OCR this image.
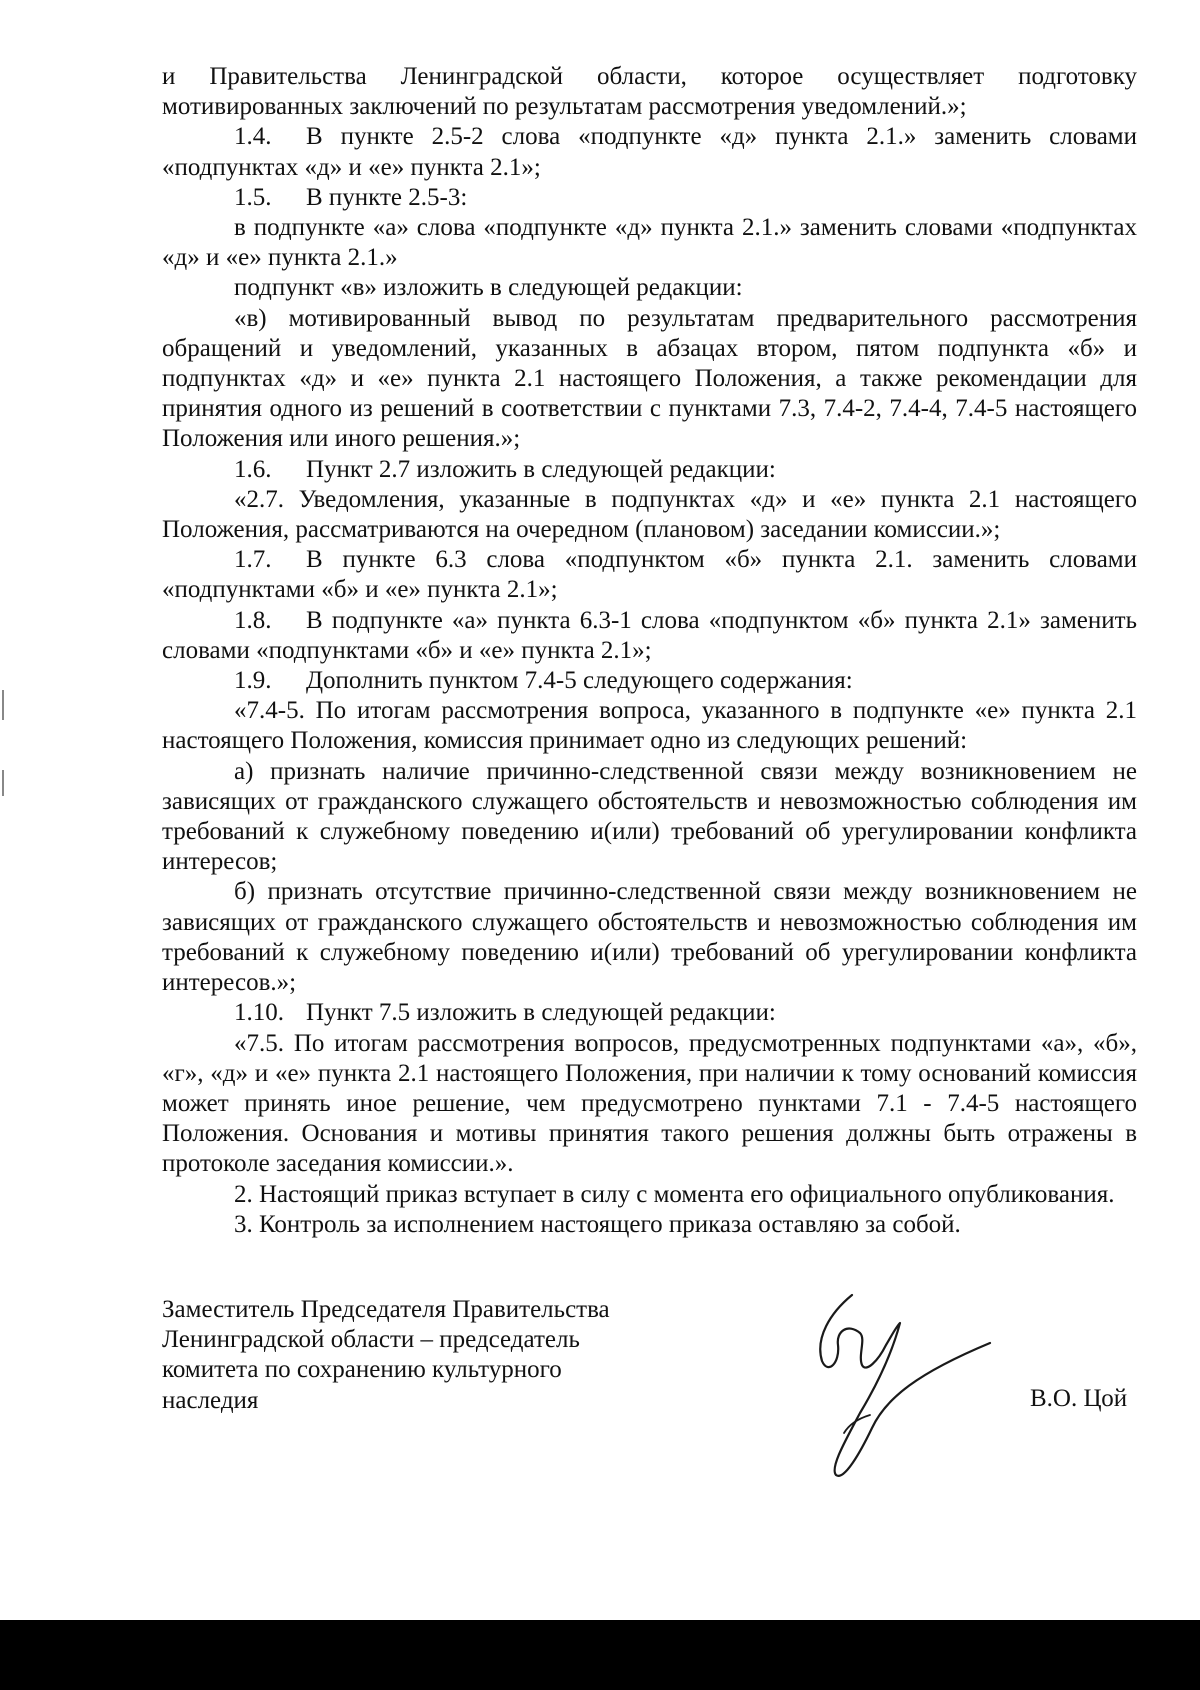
и Правительства Ленинградской области, которое осуществляет подготовку мотивированных заключений по результатам рассмотрения уведомлений.»;

1.4. В пункте 2.5-2 слова «подпункте «д» пункта 2.1.» заменить словами «подпунктах «д» и «е» пункта 2.1»;

1.5. В пункте 2.5-3:

в подпункте «а» слова «подпункте «д» пункта 2.1.» заменить словами «подпунктах «д» и «е» пункта 2.1.»

подпункт «в» изложить в следующей редакции:

«в) мотивированный вывод по результатам предварительного рассмотрения обращений и уведомлений, указанных в абзацах втором, пятом подпункта «б» и подпунктах «д» и «е» пункта 2.1 настоящего Положения, а также рекомендации для принятия одного из решений в соответствии с пунктами 7.3, 7.4-2, 7.4-4, 7.4-5 настоящего Положения или иного решения.»;

1.6. Пункт 2.7 изложить в следующей редакции:

«2.7. Уведомления, указанные в подпунктах «д» и «е» пункта 2.1 настоящего Положения, рассматриваются на очередном (плановом) заседании комиссии.»;

1.7. В пункте 6.3 слова «подпунктом «б» пункта 2.1. заменить словами «подпунктами «б» и «е» пункта 2.1»;

1.8. В подпункте «а» пункта 6.3-1 слова «подпунктом «б» пункта 2.1» заменить словами «подпунктами «б» и «е» пункта 2.1»;

1.9. Дополнить пунктом 7.4-5 следующего содержания:

«7.4-5. По итогам рассмотрения вопроса, указанного в подпункте «е» пункта 2.1 настоящего Положения, комиссия принимает одно из следующих решений:

а) признать наличие причинно-следственной связи между возникновением не зависящих от гражданского служащего обстоятельств и невозможностью соблюдения им требований к служебному поведению и(или) требований об урегулировании конфликта интересов;

б) признать отсутствие причинно-следственной связи между возникновением не зависящих от гражданского служащего обстоятельств и невозможностью соблюдения им требований к служебному поведению и(или) требований об урегулировании конфликта интересов.»;

1.10. Пункт 7.5 изложить в следующей редакции:

«7.5. По итогам рассмотрения вопросов, предусмотренных подпунктами «а», «б», «г», «д» и «е» пункта 2.1 настоящего Положения, при наличии к тому оснований комиссия может принять иное решение, чем предусмотрено пунктами 7.1 - 7.4-5 настоящего Положения. Основания и мотивы принятия такого решения должны быть отражены в протоколе заседания комиссии.».

2. Настоящий приказ вступает в силу с момента его официального опубликования.

3. Контроль за исполнением настоящего приказа оставляю за собой.

Заместитель Председателя Правительства
Ленинградской области – председатель
комитета по сохранению культурного
наследия	В.О. Цой
